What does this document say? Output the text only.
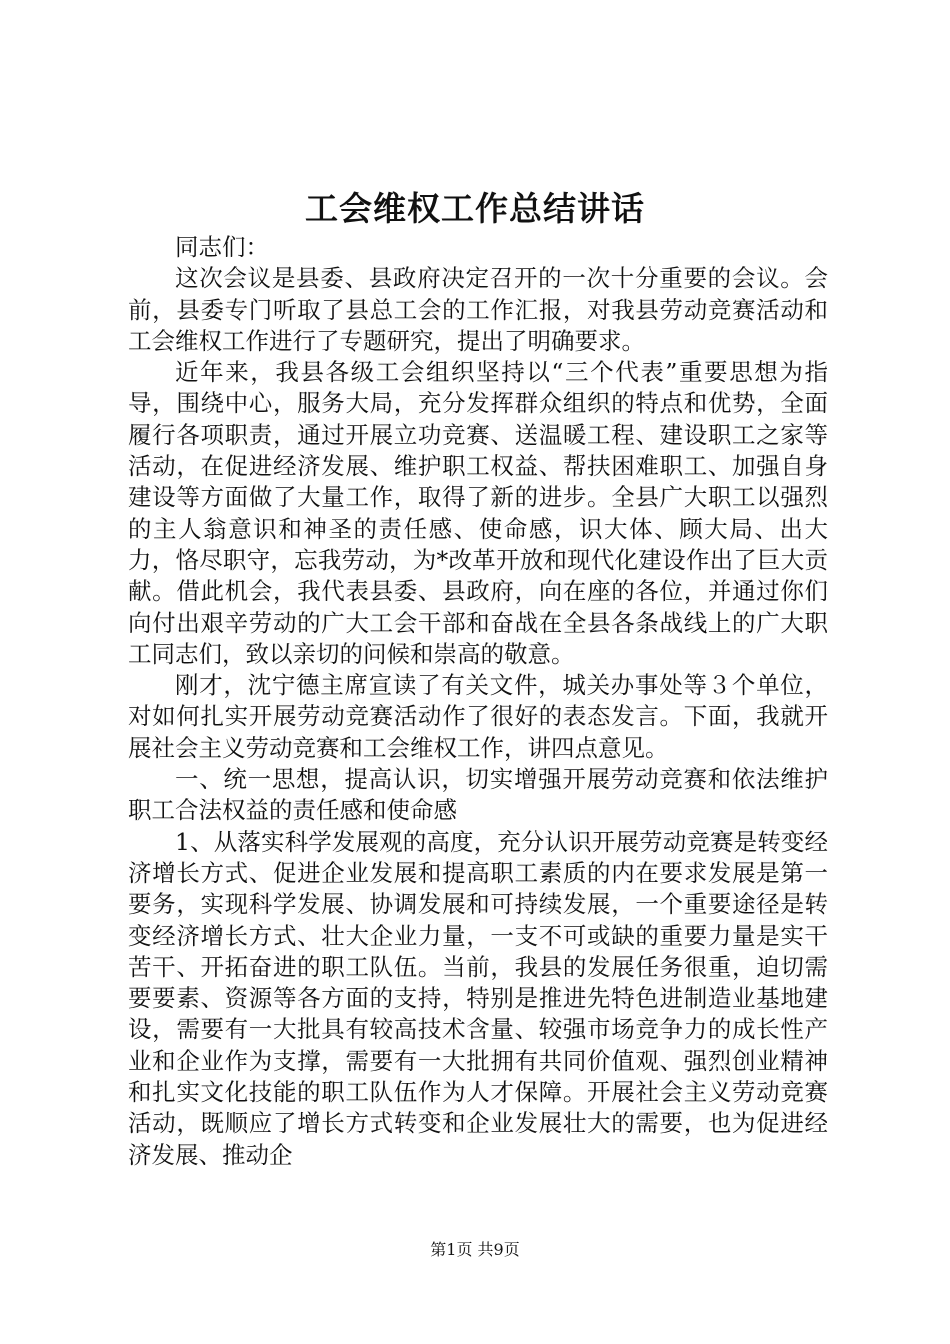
工会维权工作总结讲话

同志们：

这次会议是县委、县政府决定召开的一次十分重要的会议。会前，县委专门听取了县总工会的工作汇报，对我县劳动竞赛活动和工会维权工作进行了专题研究，提出了明确要求。

近年来，我县各级工会组织坚持以“三个代表”重要思想为指导，围绕中心，服务大局，充分发挥群众组织的特点和优势，全面履行各项职责，通过开展立功竞赛、送温暖工程、建设职工之家等活动，在促进经济发展、维护职工权益、帮扶困难职工、加强自身建设等方面做了大量工作，取得了新的进步。全县广大职工以强烈的主人翁意识和神圣的责任感、使命感，识大体、顾大局、出大力，恪尽职守，忘我劳动，为*改革开放和现代化建设作出了巨大贡献。借此机会，我代表县委、县政府，向在座的各位，并通过你们向付出艰辛劳动的广大工会干部和奋战在全县各条战线上的广大职工同志们，致以亲切的问候和崇高的敬意。

刚才，沈宁德主席宣读了有关文件，城关办事处等３个单位，对如何扎实开展劳动竞赛活动作了很好的表态发言。下面，我就开展社会主义劳动竞赛和工会维权工作，讲四点意见。

一、统一思想，提高认识，切实增强开展劳动竞赛和依法维护职工合法权益的责任感和使命感

1、从落实科学发展观的高度，充分认识开展劳动竞赛是转变经济增长方式、促进企业发展和提高职工素质的内在要求发展是第一要务，实现科学发展、协调发展和可持续发展，一个重要途径是转变经济增长方式、壮大企业力量，一支不可或缺的重要力量是实干苦干、开拓奋进的职工队伍。当前，我县的发展任务很重，迫切需要要素、资源等各方面的支持，特别是推进先特色进制造业基地建设，需要有一大批具有较高技术含量、较强市场竞争力的成长性产业和企业作为支撑，需要有一大批拥有共同价值观、强烈创业精神和扎实文化技能的职工队伍作为人才保障。开展社会主义劳动竞赛活动，既顺应了增长方式转变和企业发展壮大的需要，也为促进经济发展、推动企

第1页 共9页
